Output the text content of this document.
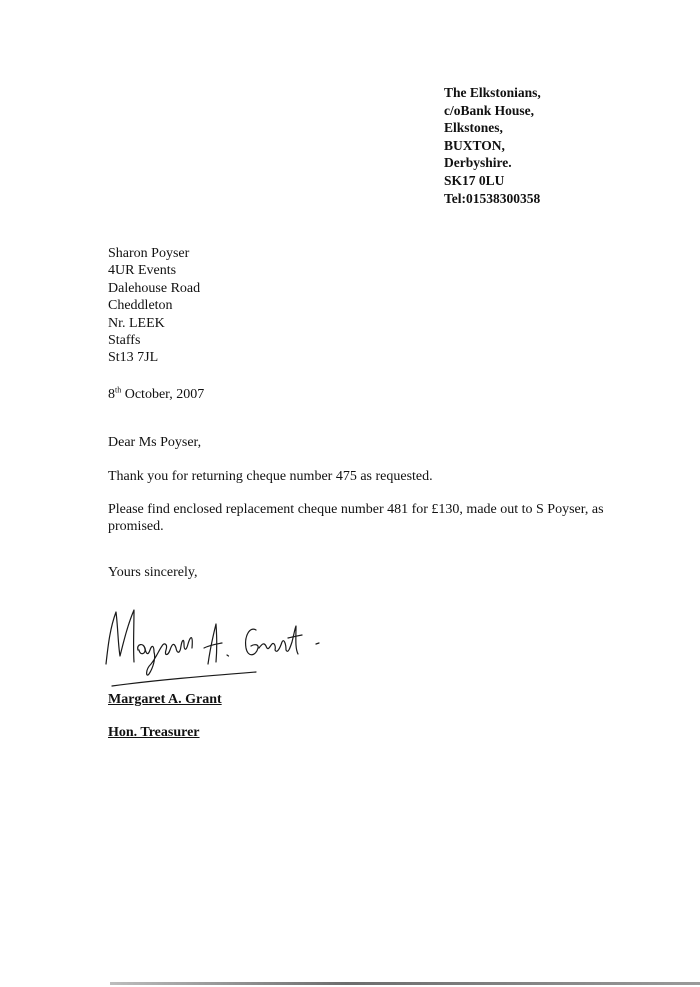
The Elkstonians,
c/oBank House,
Elkstones,
BUXTON,
Derbyshire.
SK17 0LU
Tel:01538300358
Sharon Poyser
4UR Events
Dalehouse Road
Cheddleton
Nr. LEEK
Staffs
St13 7JL
8th October, 2007
Dear Ms Poyser,
Thank you for returning cheque number 475 as requested.
Please find enclosed replacement cheque number 481 for £130, made out to S Poyser, as promised.
Yours sincerely,
Margaret A. Grant
Hon. Treasurer
